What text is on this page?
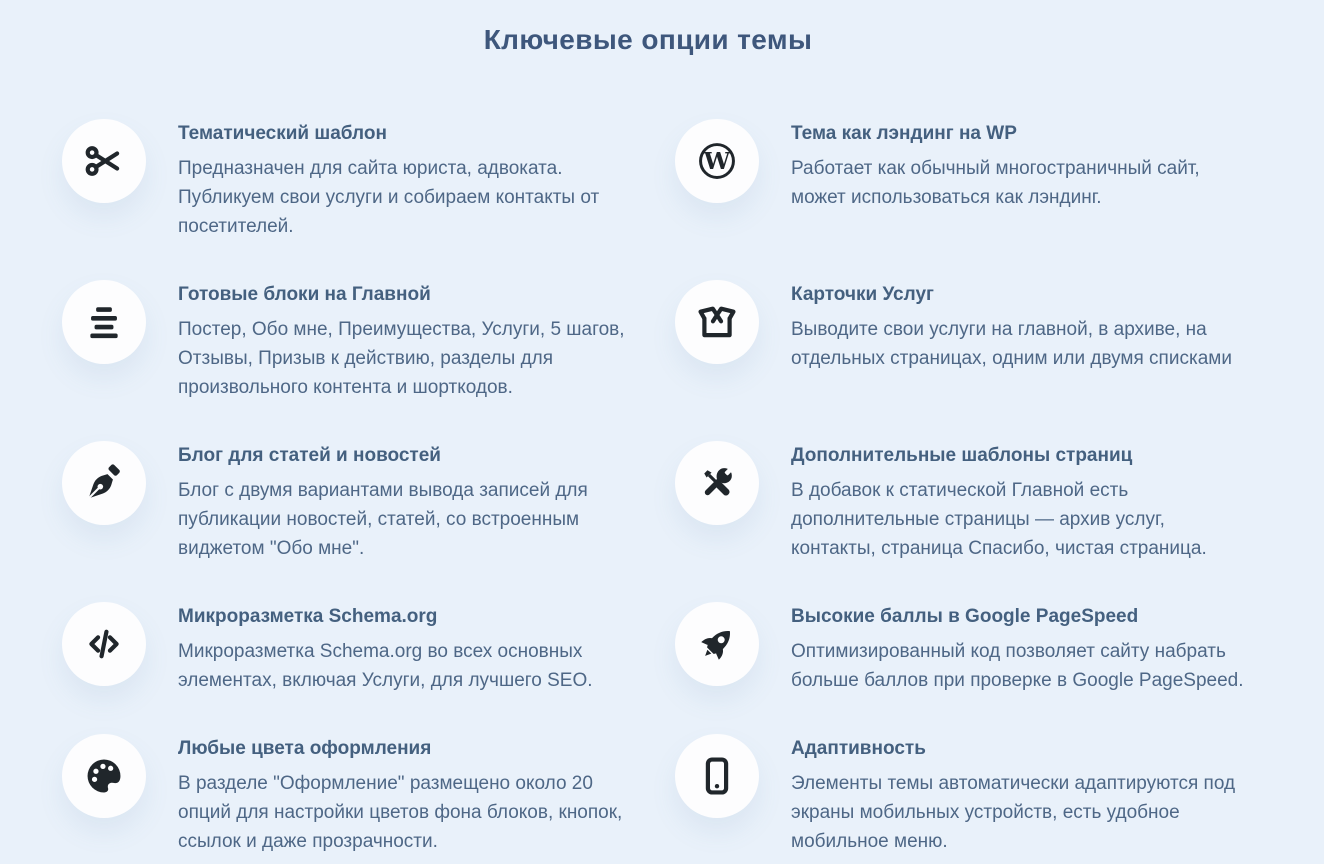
Ключевые опции темы
Тематический шаблон

Предназначен для сайта юриста, адвоката. Публикуем свои услуги и собираем контакты от посетителей.

W
Тема как лэндинг на WP

Работает как обычный многостраничный сайт, может использоваться как лэндинг.

Готовые блоки на Главной

Постер, Обо мне, Преимущества, Услуги, 5 шагов, Отзывы, Призыв к действию, разделы для произвольного контента и шорткодов.

Карточки Услуг

Выводите свои услуги на главной, в архиве, на отдельных страницах, одним или двумя списками

Блог для статей и новостей

Блог с двумя вариантами вывода записей для публикации новостей, статей, со встроенным виджетом "Обо мне".

Дополнительные шаблоны страниц

В добавок к статической Главной есть дополнительные страницы — архив услуг, контакты, страница Спасибо, чистая страница.

Микроразметка Schema.org

Микроразметка Schema.org во всех основных элементах, включая Услуги, для лучшего SEO.

Высокие баллы в Google PageSpeed

Оптимизированный код позволяет сайту набрать больше баллов при проверке в Google PageSpeed.

Любые цвета оформления

В разделе "Оформление" размещено около 20 опций для настройки цветов фона блоков, кнопок, ссылок и даже прозрачности.

Адаптивность

Элементы темы автоматически адаптируются под экраны мобильных устройств, есть удобное мобильное меню.
